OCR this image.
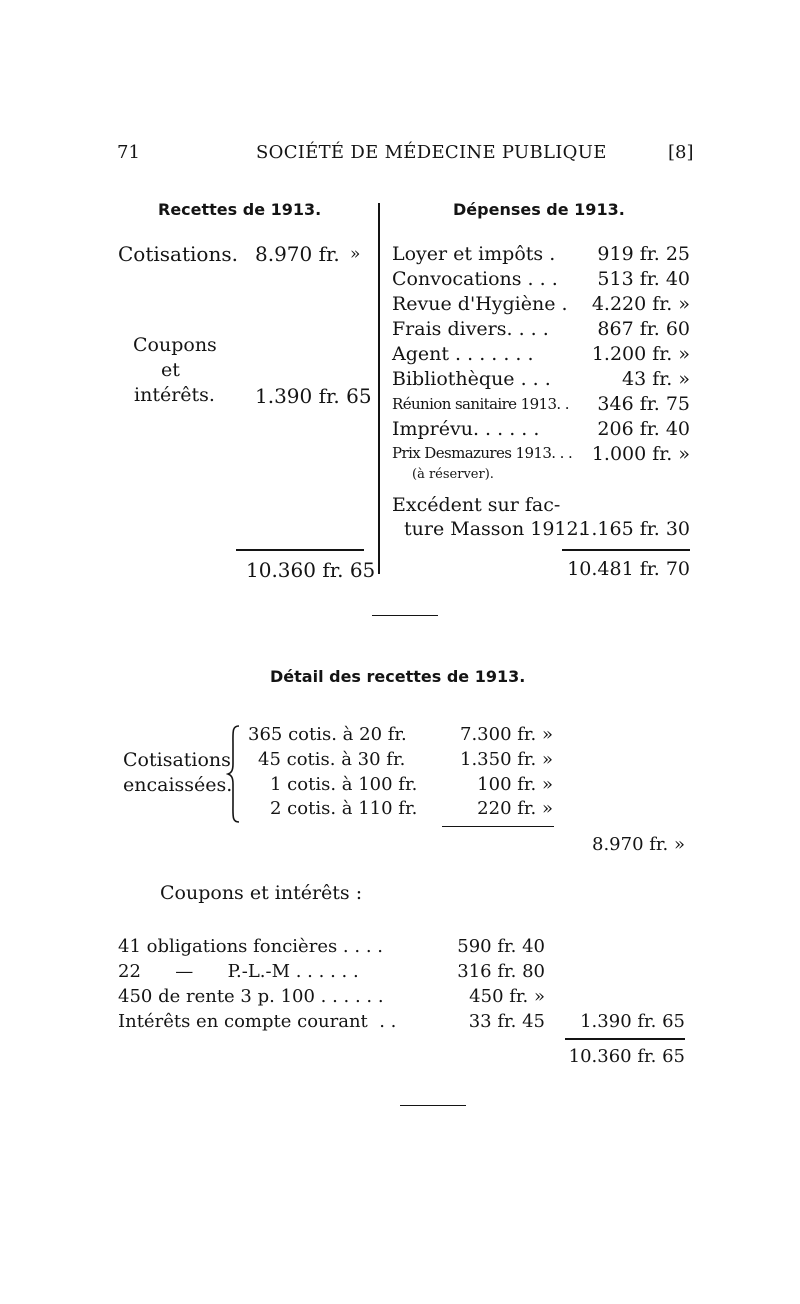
71	SOCIÉTÉ DE MÉDECINE PUBLIQUE	[8]
Recettes de 1913.
Cotisations. 8.970 fr. »
Coupons
et
intérêts. 1.390 fr. 65
10.360 fr. 65
Dépenses de 1913.
Loyer et impôts .	919 fr. 25
Convocations . . .	513 fr. 40
Revue d'Hygiène .	4.220 fr. »
Frais divers. . . .	867 fr. 60
Agent . . . . . . .	1.200 fr. »
Bibliothèque . . .	43 fr. »
Réunion sanitaire 1913. .	346 fr. 75
Imprévu. . . . . .	206 fr. 40
Prix Desmazures 1913. . .	1.000 fr. »
(à réserver).
Excédent sur fac-
ture Masson 1912.
1.165 fr. 30
10.481 fr. 70
Détail des recettes de 1913.
Cotisations
encaissées.
365 cotis. à 20 fr.	7.300 fr. »
45 cotis. à 30 fr.	1.350 fr. »
1 cotis. à 100 fr.	100 fr. »
2 cotis. à 110 fr.	220 fr. »
8.970 fr. »
Coupons et intérêts :
41 obligations foncières . . . .	590 fr. 40
22      —      P.-L.-M . . . . . .	316 fr. 80
450 de rente 3 p. 100 . . . . . .	450 fr. »
Intérêts en compte courant  . .	33 fr. 45	1.390 fr. 65
10.360 fr. 65
